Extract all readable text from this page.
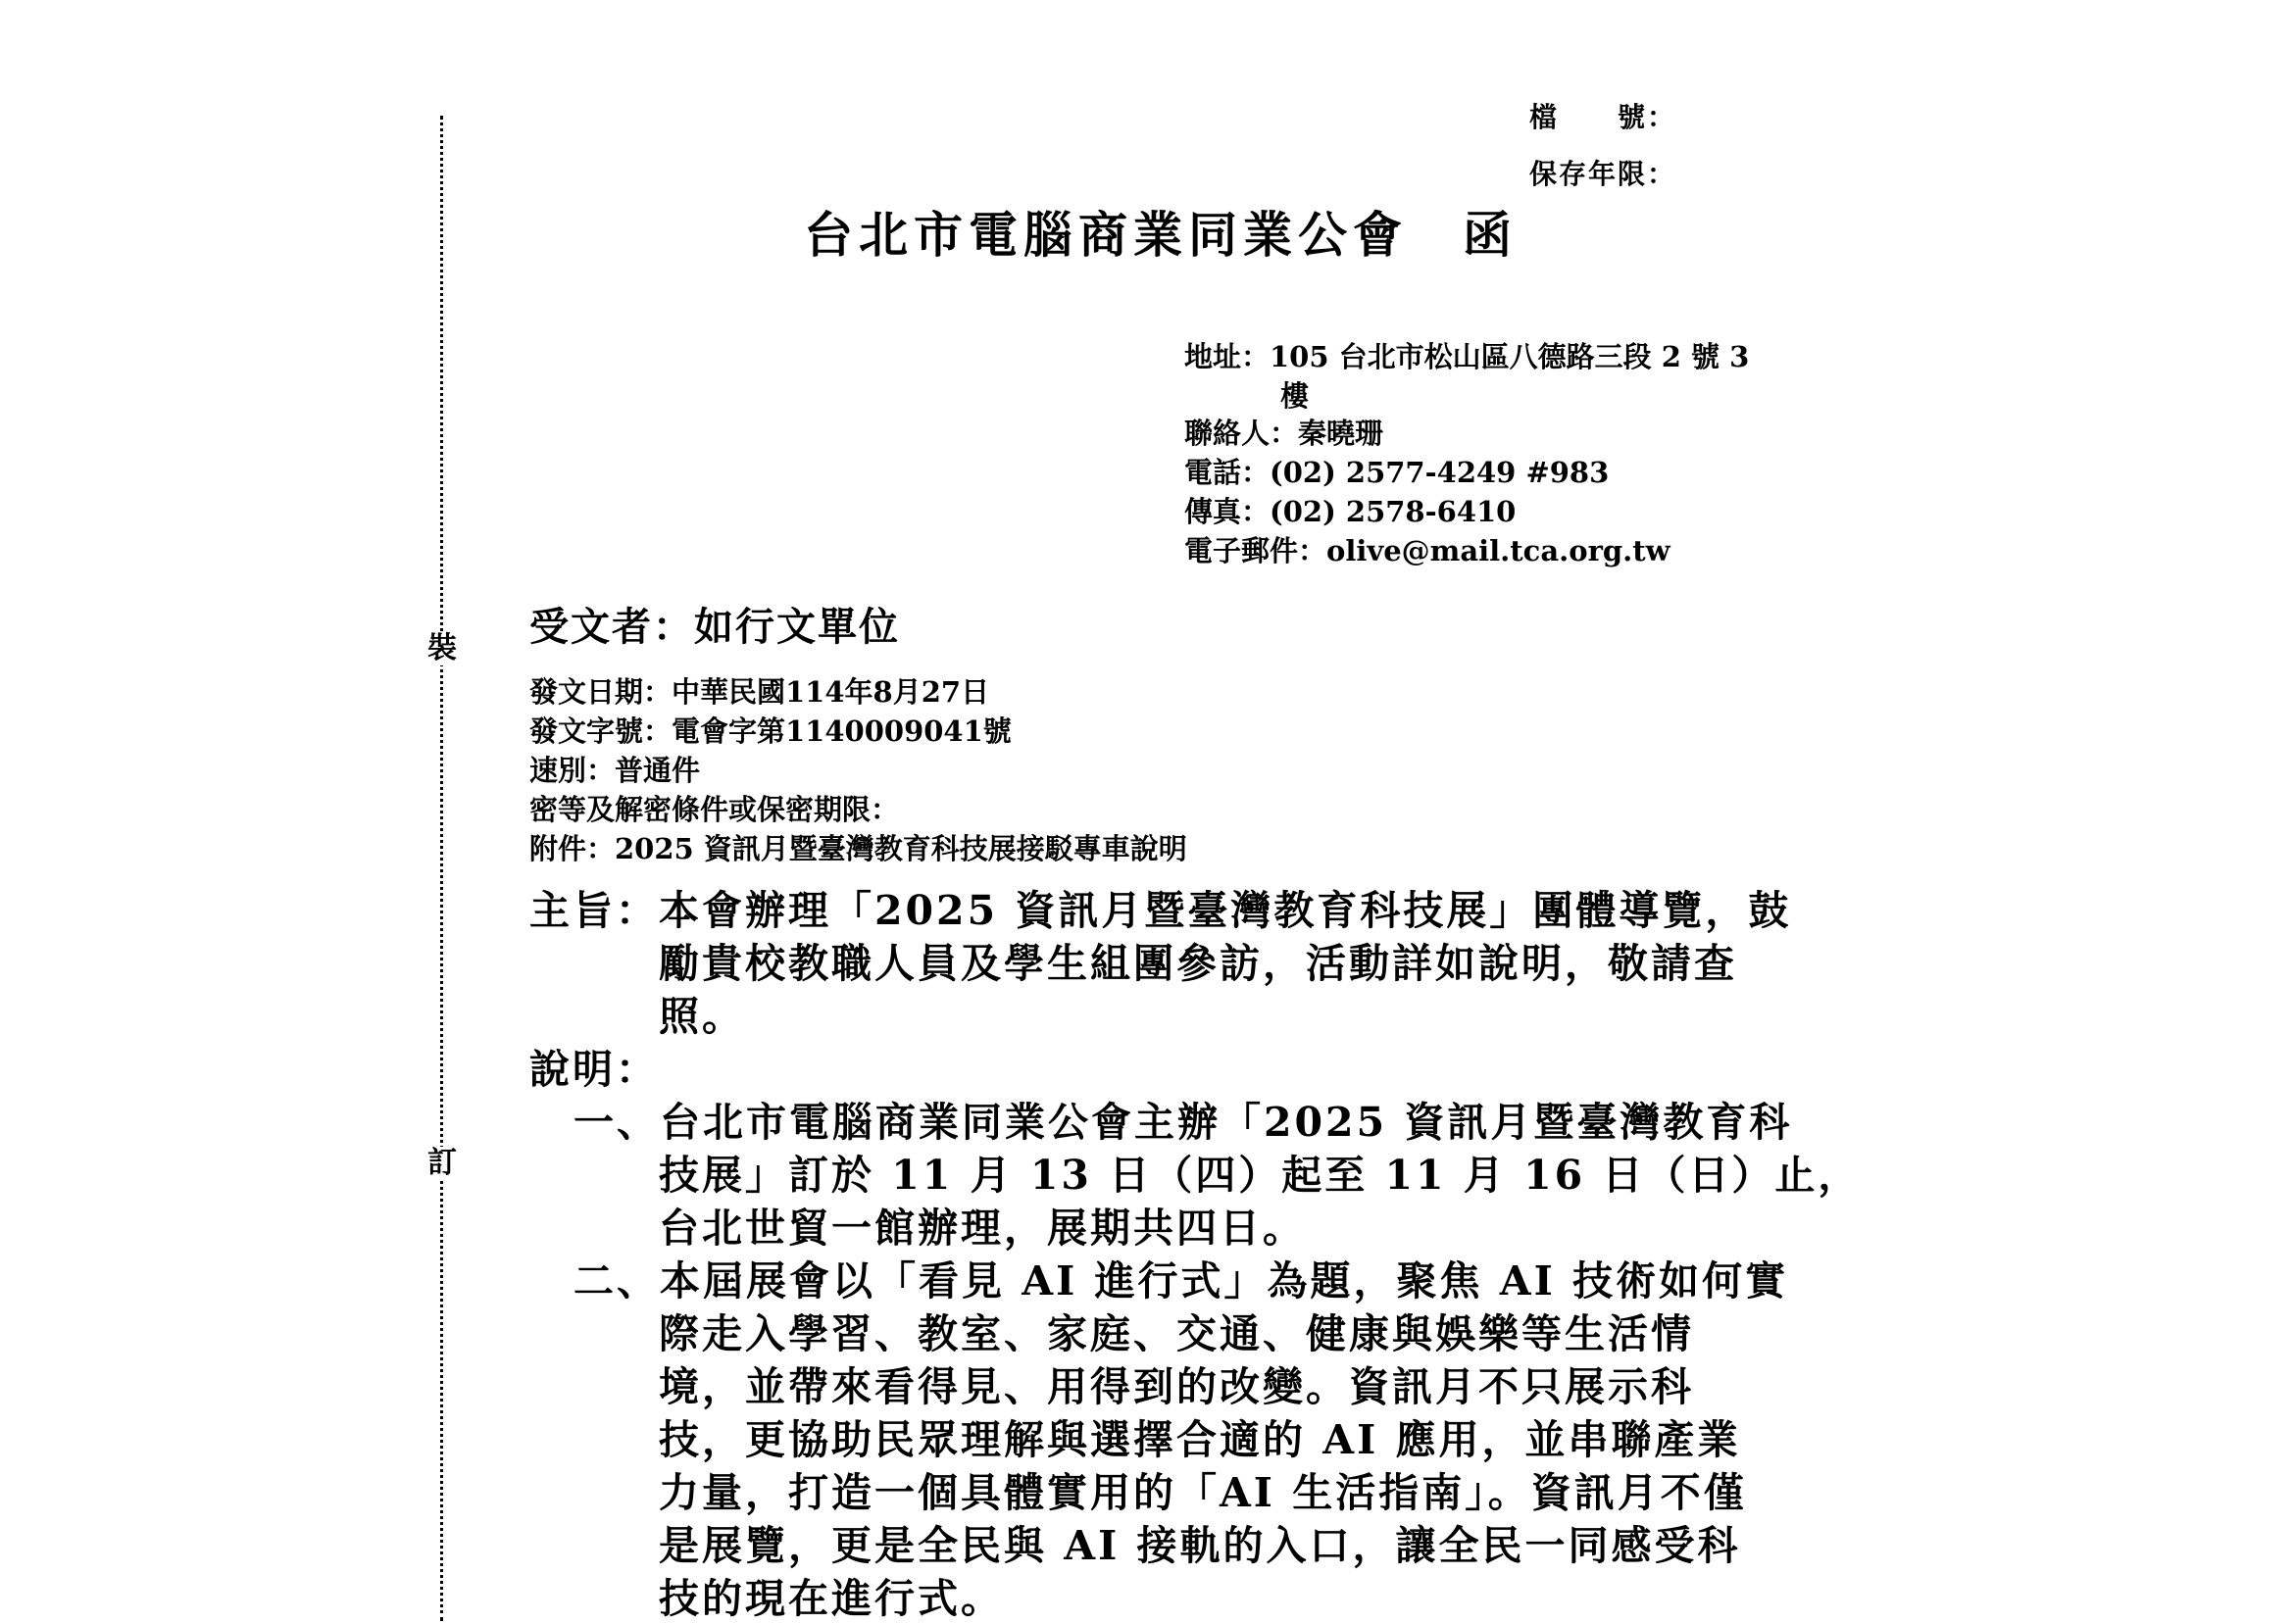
裝
訂
檔　　號：
保存年限：
台北市電腦商業同業公會　函
地址：105 台北市松山區八德路三段 2 號 3
樓
聯絡人：秦曉珊
電話：(02) 2577-4249 #983
傳真：(02) 2578-6410
電子郵件：olive@mail.tca.org.tw
受文者：如行文單位
發文日期：中華民國114年8月27日
發文字號：電會字第1140009041號
速別：普通件
密等及解密條件或保密期限：
附件：2025 資訊月暨臺灣教育科技展接駁專車說明
主旨：本會辦理「2025 資訊月暨臺灣教育科技展」團體導覽，鼓
勵貴校教職人員及學生組團參訪，活動詳如說明，敬請查
照。
說明：
一、台北市電腦商業同業公會主辦「2025 資訊月暨臺灣教育科
技展」訂於 11 月 13 日（四）起至 11 月 16 日（日）止，
台北世貿一館辦理，展期共四日。
二、本屆展會以「看見 AI 進行式」為題，聚焦 AI 技術如何實
際走入學習、教室、家庭、交通、健康與娛樂等生活情
境，並帶來看得見、用得到的改變。資訊月不只展示科
技，更協助民眾理解與選擇合適的 AI 應用，並串聯產業
力量，打造一個具體實用的「AI 生活指南」。資訊月不僅
是展覽，更是全民與 AI 接軌的入口，讓全民一同感受科
技的現在進行式。
